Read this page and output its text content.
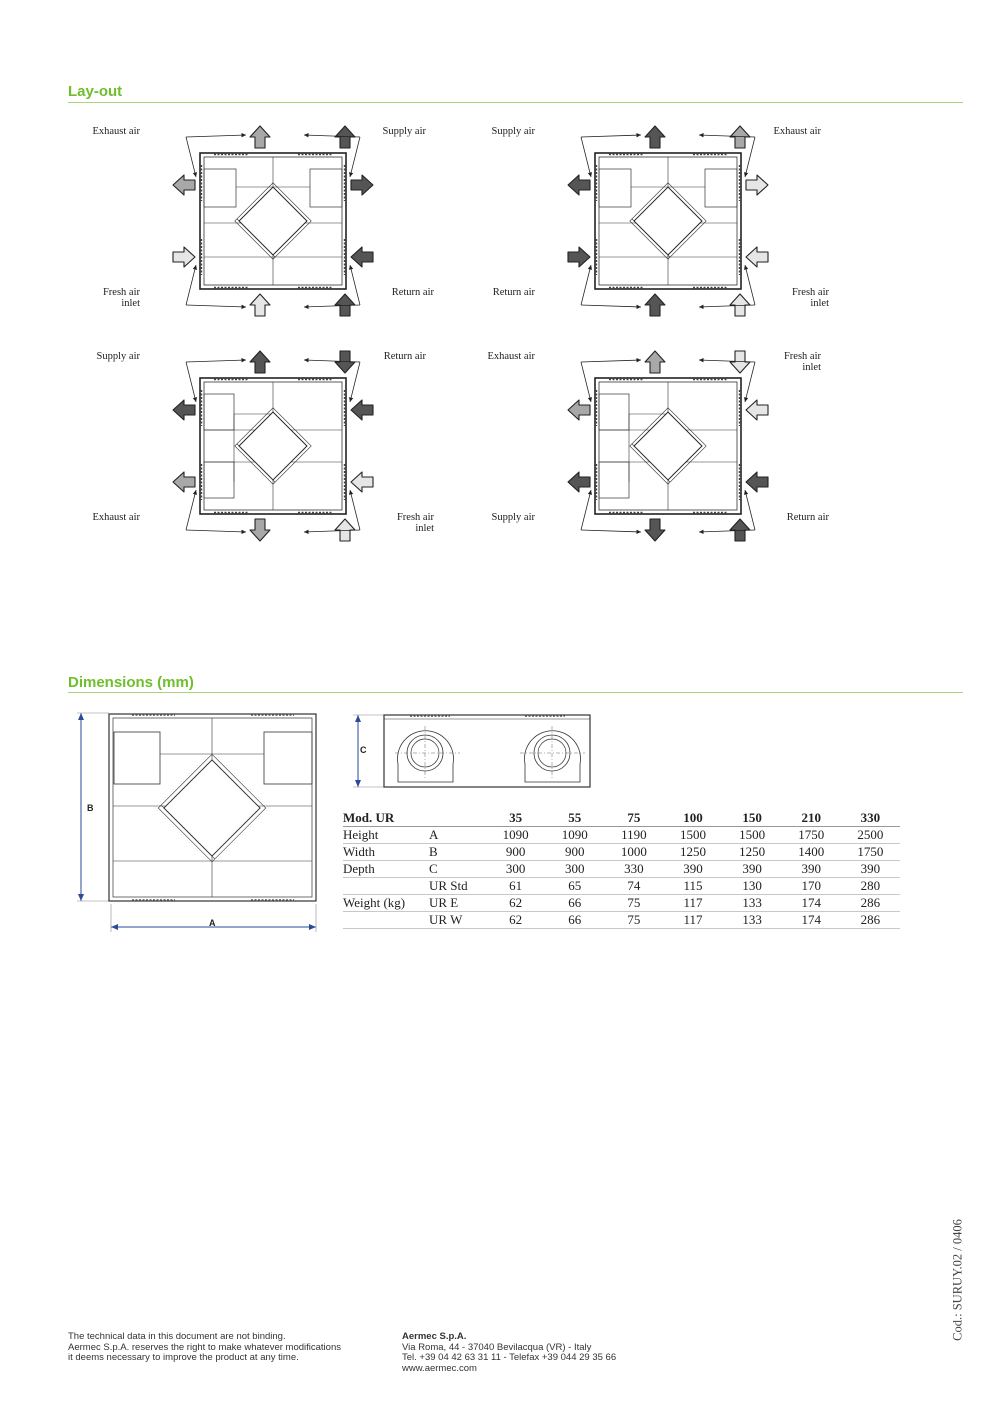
Lay-out
Dimensions (mm)
Exhaust air	Supply air
Fresh air
inlet
Return air
Supply air	Exhaust air
Return air	Fresh air
inlet
Supply air	Return air
Exhaust air	Fresh air
inlet
Exhaust air	Fresh air
inlet
Supply air	Return air
B
A
C
Mod. UR		35	55	75	100	150	210	330
Height	A	1090	1090	1190	1500	1500	1750	2500
Width	B	900	900	1000	1250	1250	1400	1750
Depth	C	300	300	330	390	390	390	390
	UR Std	61	65	74	115	130	170	280
Weight (kg)	UR E	62	66	75	117	133	174	286
	UR W	62	66	75	117	133	174	286
Cod.: SURUY.02 / 0406
The technical data in this document are not binding.
Aermec S.p.A. reserves the right to make whatever modifications
it deems necessary to improve the product at any time.
Aermec S.p.A.
Via Roma, 44 - 37040 Bevilacqua (VR) - Italy
Tel. +39 04 42 63 31 11 - Telefax +39 044 29 35 66
www.aermec.com
